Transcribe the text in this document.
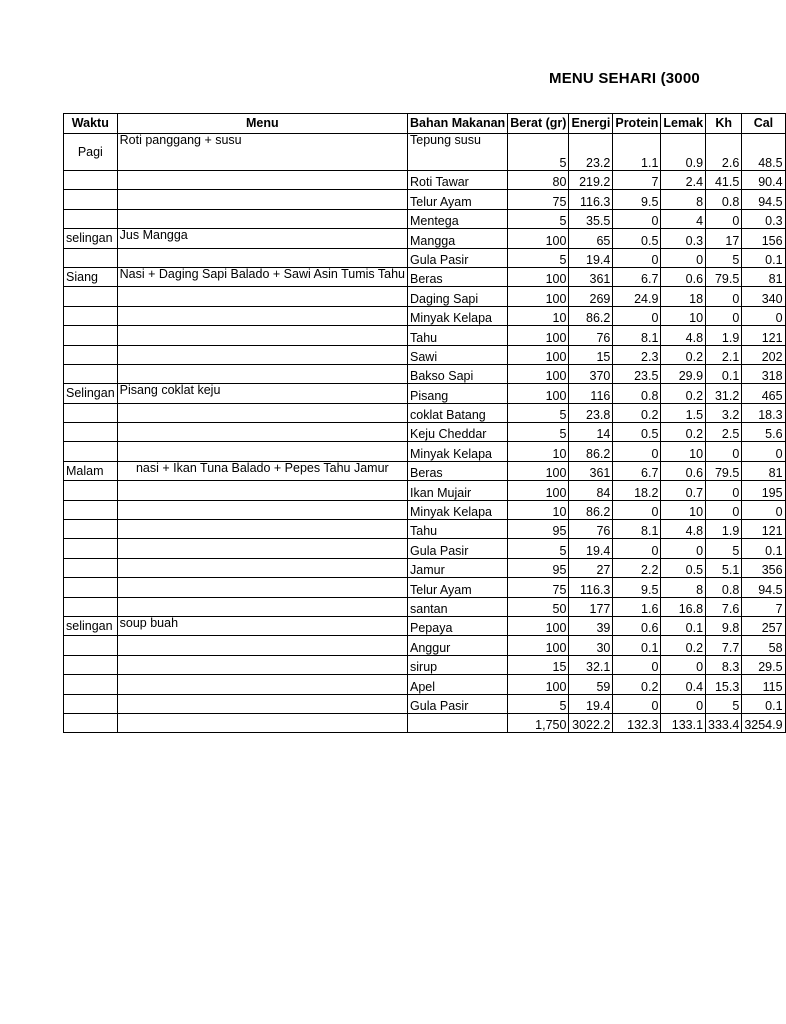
MENU SEHARI (3000
Waktu	Menu	Bahan Makanan	Berat (gr)	Energi	Protein	Lemak	Kh	Cal
Pagi	Roti panggang + susu	Tepung susu	5	23.2	1.1	0.9	2.6	48.5
		Roti Tawar	80	219.2	7	2.4	41.5	90.4
		Telur Ayam	75	116.3	9.5	8	0.8	94.5
		Mentega	5	35.5	0	4	0	0.3
selingan	Jus Mangga	Mangga	100	65	0.5	0.3	17	156
		Gula Pasir	5	19.4	0	0	5	0.1
Siang	Nasi + Daging Sapi Balado + Sawi Asin Tumis Tahu	Beras	100	361	6.7	0.6	79.5	81
		Daging Sapi	100	269	24.9	18	0	340
		Minyak Kelapa	10	86.2	0	10	0	0
		Tahu	100	76	8.1	4.8	1.9	121
		Sawi	100	15	2.3	0.2	2.1	202
		Bakso Sapi	100	370	23.5	29.9	0.1	318
Selingan	Pisang coklat keju	Pisang	100	116	0.8	0.2	31.2	465
		coklat Batang	5	23.8	0.2	1.5	3.2	18.3
		Keju Cheddar	5	14	0.5	0.2	2.5	5.6
		Minyak Kelapa	10	86.2	0	10	0	0
Malam	nasi + Ikan Tuna Balado + Pepes Tahu Jamur	Beras	100	361	6.7	0.6	79.5	81
		Ikan Mujair	100	84	18.2	0.7	0	195
		Minyak Kelapa	10	86.2	0	10	0	0
		Tahu	95	76	8.1	4.8	1.9	121
		Gula Pasir	5	19.4	0	0	5	0.1
		Jamur	95	27	2.2	0.5	5.1	356
		Telur Ayam	75	116.3	9.5	8	0.8	94.5
		santan	50	177	1.6	16.8	7.6	7
selingan	soup buah	Pepaya	100	39	0.6	0.1	9.8	257
		Anggur	100	30	0.1	0.2	7.7	58
		sirup	15	32.1	0	0	8.3	29.5
		Apel	100	59	0.2	0.4	15.3	115
		Gula Pasir	5	19.4	0	0	5	0.1
			1,750	3022.2	132.3	133.1	333.4	3254.9
